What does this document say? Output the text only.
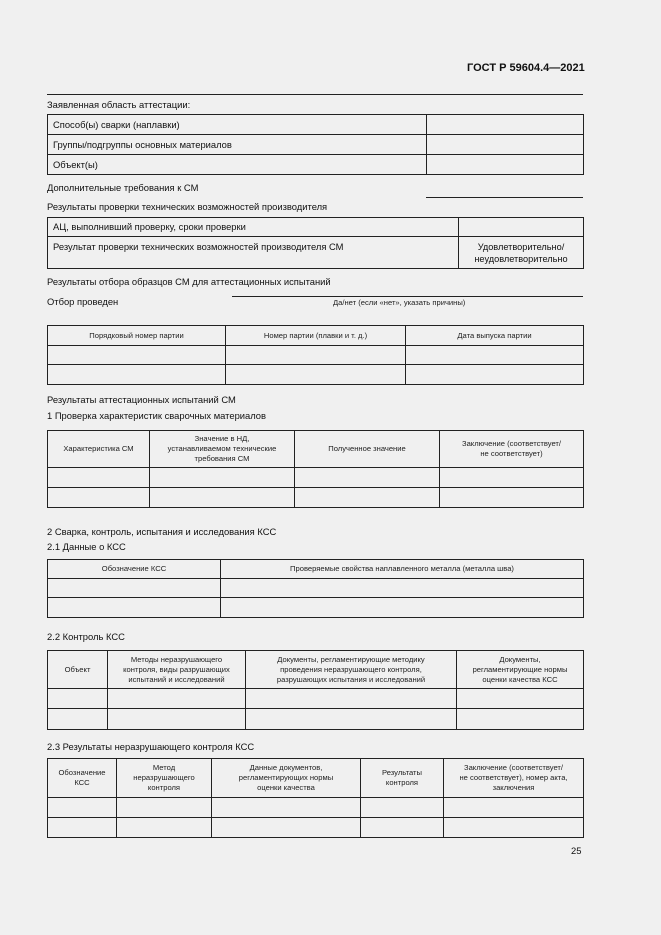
ГОСТ Р 59604.4—2021
Заявленная область аттестации:
Способ(ы) сварки (наплавки)	
Группы/подгруппы основных материалов	
Объект(ы)	
Дополнительные требования к СМ
Результаты проверки технических возможностей производителя
АЦ, выполнивший проверку, сроки проверки	
Результат проверки технических возможностей производителя СМ	Удовлетворительно/
неудовлетворительно
Результаты отбора образцов СМ для аттестационных испытаний
Отбор проведен	Да/нет (если «нет», указать причины)
Порядковый номер партии	Номер партии (плавки и т. д.)	Дата выпуска партии

Результаты аттестационных испытаний СМ
1 Проверка характеристик сварочных материалов
Характеристика СМ	Значение в НД,
устанавливаемом технические
требования СМ	Полученное значение	Заключение (соответствует/
не соответствует)

2 Сварка, контроль, испытания и исследования КСС
2.1 Данные о КСС
Обозначение КСС	Проверяемые свойства наплавленного металла (металла шва)

2.2 Контроль КСС
Объект	Методы неразрушающего
контроля, виды разрушающих
испытаний и исследований	Документы, регламентирующие методику
проведения неразрушающего контроля,
разрушающих испытания и исследований	Документы,
регламентирующие нормы
оценки качества КСС

2.3 Результаты неразрушающего контроля КСС
Обозначение
КСС	Метод
неразрушающего
контроля	Данные документов,
регламентирующих нормы
оценки качества	Результаты
контроля	Заключение (соответствует/
не соответствует), номер акта,
заключения

25
